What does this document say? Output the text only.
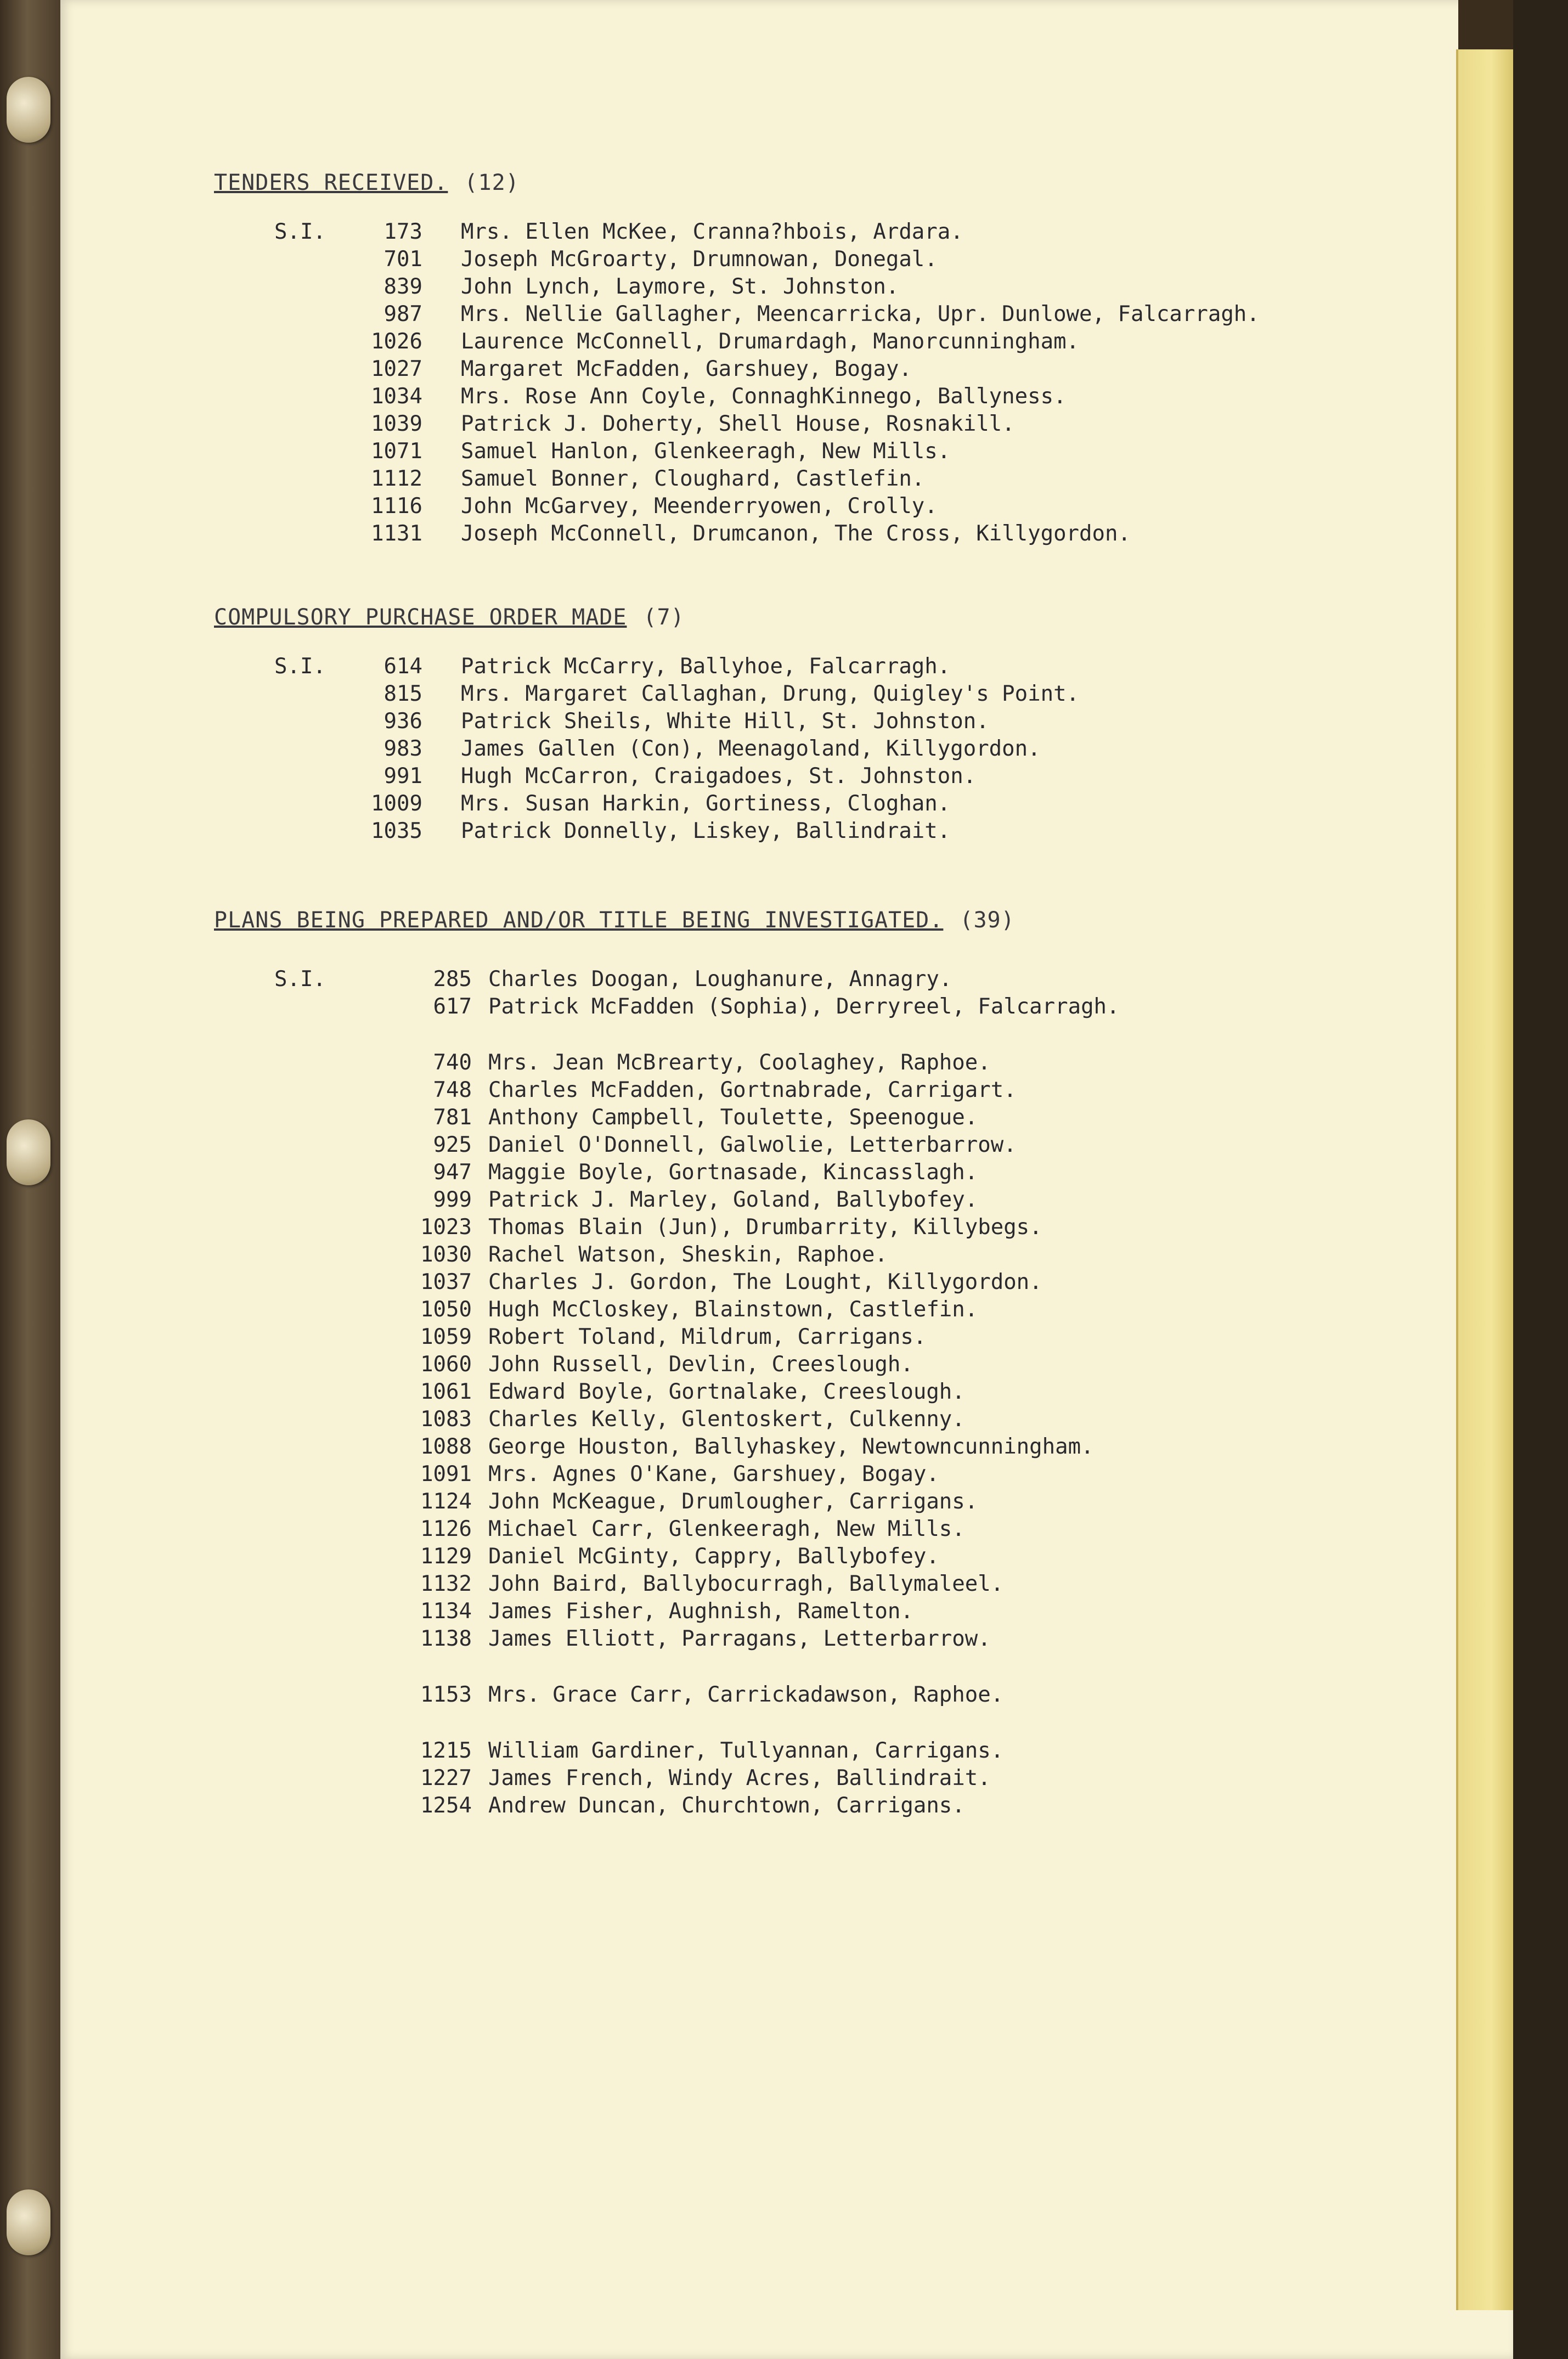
TENDERS RECEIVED. (12)
S.I.	173 Mrs. Ellen McKee, Cranna?hbois, Ardara.
701 Joseph McGroarty, Drumnowan, Donegal.
839 John Lynch, Laymore, St. Johnston.
987 Mrs. Nellie Gallagher, Meencarricka, Upr. Dunlowe, Falcarragh.
1026 Laurence McConnell, Drumardagh, Manorcunningham.
1027 Margaret McFadden, Garshuey, Bogay.
1034 Mrs. Rose Ann Coyle, ConnaghKinnego, Ballyness.
1039 Patrick J. Doherty, Shell House, Rosnakill.
1071 Samuel Hanlon, Glenkeeragh, New Mills.
1112 Samuel Bonner, Cloughard, Castlefin.
1116 John McGarvey, Meenderryowen, Crolly.
1131 Joseph McConnell, Drumcanon, The Cross, Killygordon.
COMPULSORY PURCHASE ORDER MADE (7)
S.I.	614 Patrick McCarry, Ballyhoe, Falcarragh.
815 Mrs. Margaret Callaghan, Drung, Quigley's Point.
936 Patrick Sheils, White Hill, St. Johnston.
983 James Gallen (Con), Meenagoland, Killygordon.
991 Hugh McCarron, Craigadoes, St. Johnston.
1009 Mrs. Susan Harkin, Gortiness, Cloghan.
1035 Patrick Donnelly, Liskey, Ballindrait.
PLANS BEING PREPARED AND/OR TITLE BEING INVESTIGATED. (39)
S.I.	285 Charles Doogan, Loughanure, Annagry.
617 Patrick McFadden (Sophia), Derryreel, Falcarragh.
740 Mrs. Jean McBrearty, Coolaghey, Raphoe.
748 Charles McFadden, Gortnabrade, Carrigart.
781 Anthony Campbell, Toulette, Speenogue.
925 Daniel O'Donnell, Galwolie, Letterbarrow.
947 Maggie Boyle, Gortnasade, Kincasslagh.
999 Patrick J. Marley, Goland, Ballybofey.
1023 Thomas Blain (Jun), Drumbarrity, Killybegs.
1030 Rachel Watson, Sheskin, Raphoe.
1037 Charles J. Gordon, The Lought, Killygordon.
1050 Hugh McCloskey, Blainstown, Castlefin.
1059 Robert Toland, Mildrum, Carrigans.
1060 John Russell, Devlin, Creeslough.
1061 Edward Boyle, Gortnalake, Creeslough.
1083 Charles Kelly, Glentoskert, Culkenny.
1088 George Houston, Ballyhaskey, Newtowncunningham.
1091 Mrs. Agnes O'Kane, Garshuey, Bogay.
1124 John McKeague, Drumlougher, Carrigans.
1126 Michael Carr, Glenkeeragh, New Mills.
1129 Daniel McGinty, Cappry, Ballybofey.
1132 John Baird, Ballybocurragh, Ballymaleel.
1134 James Fisher, Aughnish, Ramelton.
1138 James Elliott, Parragans, Letterbarrow.
1153 Mrs. Grace Carr, Carrickadawson, Raphoe.
1215 William Gardiner, Tullyannan, Carrigans.
1227 James French, Windy Acres, Ballindrait.
1254 Andrew Duncan, Churchtown, Carrigans.
